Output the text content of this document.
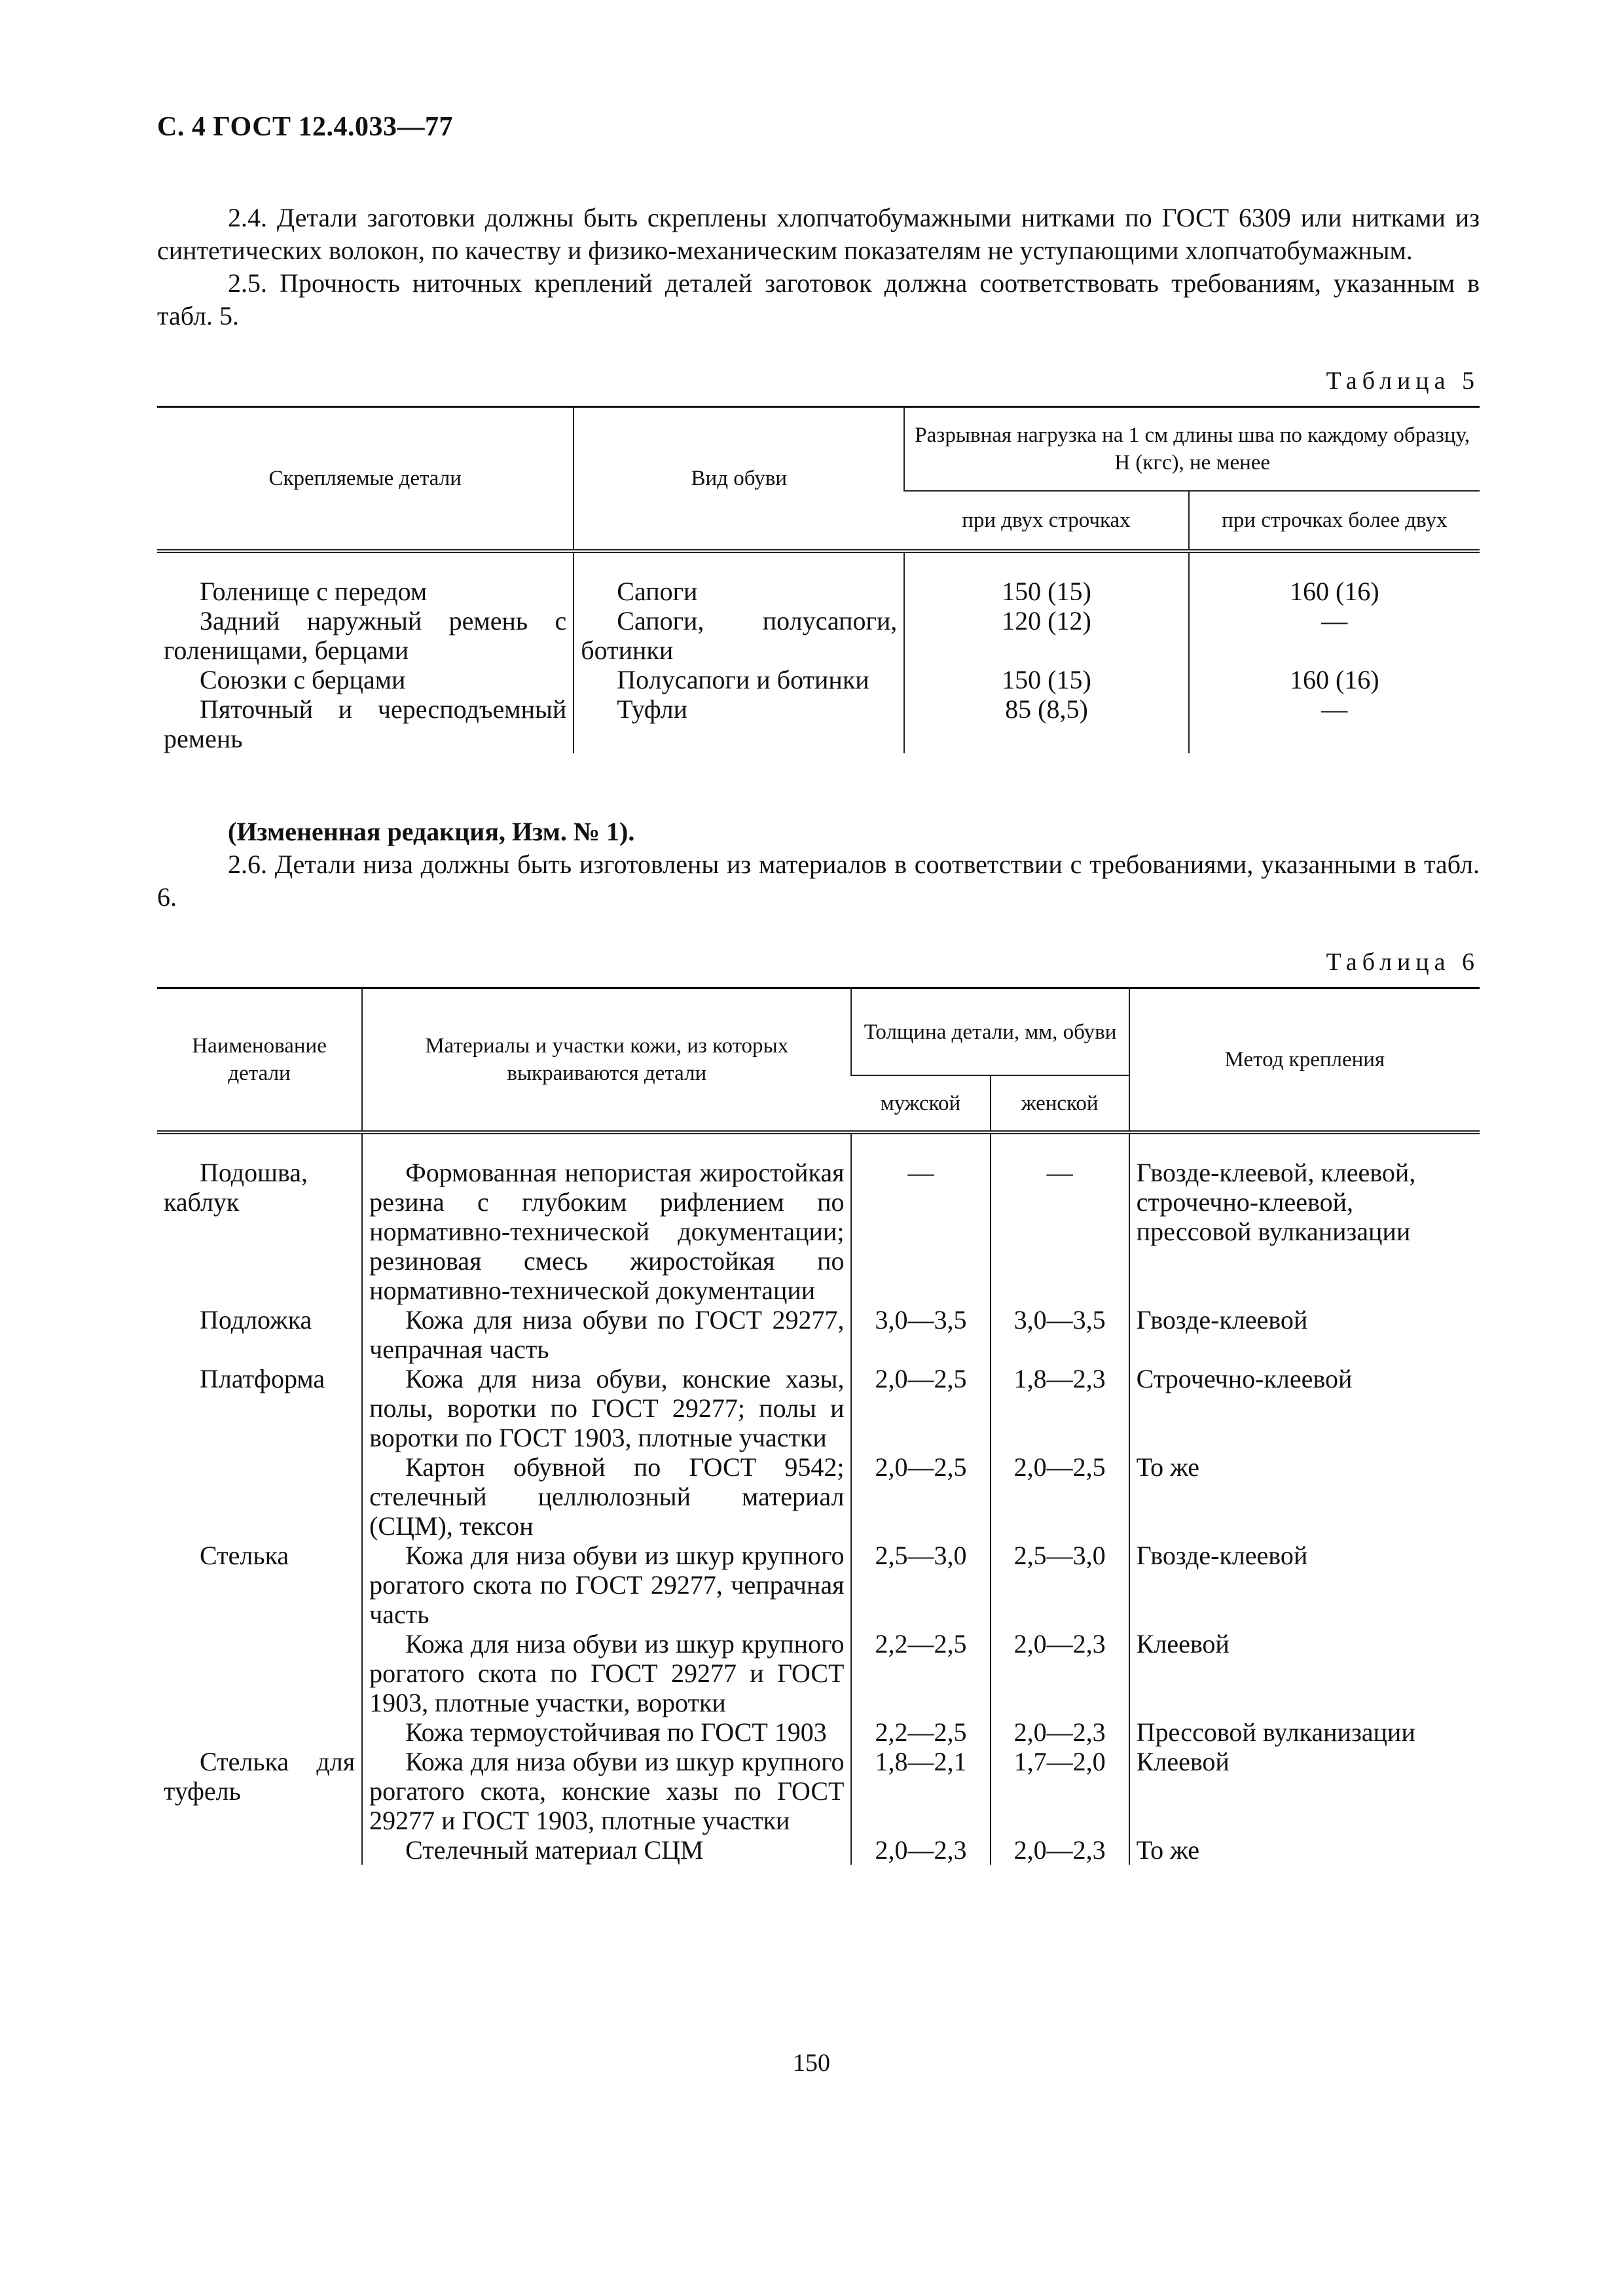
С. 4 ГОСТ 12.4.033—77

2.4. Детали заготовки должны быть скреплены хлопчатобумажными нитками по ГОСТ 6309 или нитками из синтетических волокон, по качеству и физико-механическим показателям не уступающими хлопчатобумажным.

2.5. Прочность ниточных креплений деталей заготовок должна соответствовать требованиям, указанным в табл. 5.

Таблица 5
Скрепляемые детали	Вид обуви	Разрывная нагрузка на 1 см длины шва по каждому образцу, Н (кгс), не менее	
		при двух строчках	при строчках более двух

Голенище с передом	Сапоги	150 (15)	160 (16)
Задний наружный ремень с голенищами, берцами	Сапоги, полусапоги, ботинки	120 (12)	—
Союзки с берцами	Полусапоги и ботинки	150 (15)	160 (16)
Пяточный и чересподъемный ремень	Туфли	85 (8,5)	—

(Измененная редакция, Изм. № 1).

2.6. Детали низа должны быть изготовлены из материалов в соответствии с требованиями, указанными в табл. 6.

Таблица 6
Наименование детали	Материалы и участки кожи, из которых выкраиваются детали	Толщина детали, мм, обуви		Метод крепления
		мужской	женской	

Подошва, каблук	Формованная непористая жиростойкая резина с глубоким рифлением по нормативно-технической документации; резиновая смесь жиростойкая по нормативно-технической документации	—	—	Гвозде-клеевой, клеевой, строчечно-клеевой, прессовой вулканизации
Подложка	Кожа для низа обуви по ГОСТ 29277, чепрачная часть	3,0—3,5	3,0—3,5	Гвозде-клеевой
Платформа	Кожа для низа обуви, конские хазы, полы, воротки по ГОСТ 29277; полы и воротки по ГОСТ 1903, плотные участки	2,0—2,5	1,8—2,3	Строчечно-клеевой
	Картон обувной по ГОСТ 9542; стелечный целлюлозный материал (СЦМ), тексон	2,0—2,5	2,0—2,5	То же
Стелька	Кожа для низа обуви из шкур крупного рогатого скота по ГОСТ 29277, чепрачная часть	2,5—3,0	2,5—3,0	Гвозде-клеевой
	Кожа для низа обуви из шкур крупного рогатого скота по ГОСТ 29277 и ГОСТ 1903, плотные участки, воротки	2,2—2,5	2,0—2,3	Клеевой
	Кожа термоустойчивая по ГОСТ 1903	2,2—2,5	2,0—2,3	Прессовой вулканизации
Стелька для туфель	Кожа для низа обуви из шкур крупного рогатого скота, конские хазы по ГОСТ 29277 и ГОСТ 1903, плотные участки	1,8—2,1	1,7—2,0	Клеевой
	Стелечный материал СЦМ	2,0—2,3	2,0—2,3	То же
150
